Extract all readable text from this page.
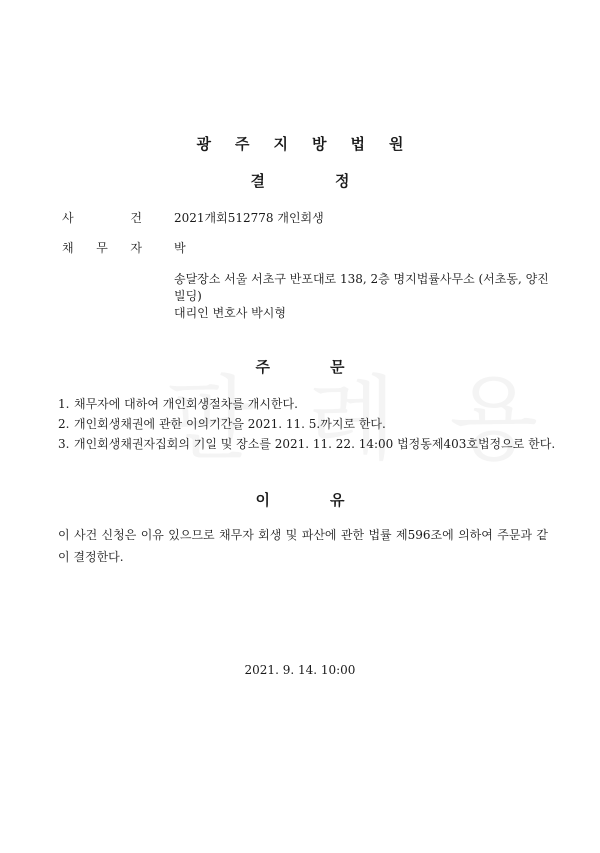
광주지방법원
결정
사	건	2021개회512778 개인회생
채 무 자	박
송달장소 서울 서초구 반포대로 138, 2층 명지법률사무소 (서초동, 양진빌딩)
대리인 변호사 박시형
주문
1. 채무자에 대하여 개인회생절차를 개시한다.
2. 개인회생채권에 관한 이의기간을 2021. 11. 5.까지로 한다.
3. 개인회생채권자집회의 기일 및 장소를 2021. 11. 22. 14:00 법정동제403호법정으로 한다.
이유
이 사건 신청은 이유 있으므로 채무자 회생 및 파산에 관한 법률 제596조에 의하여 주문과 같이 결정한다.
2021. 9. 14. 10:00
